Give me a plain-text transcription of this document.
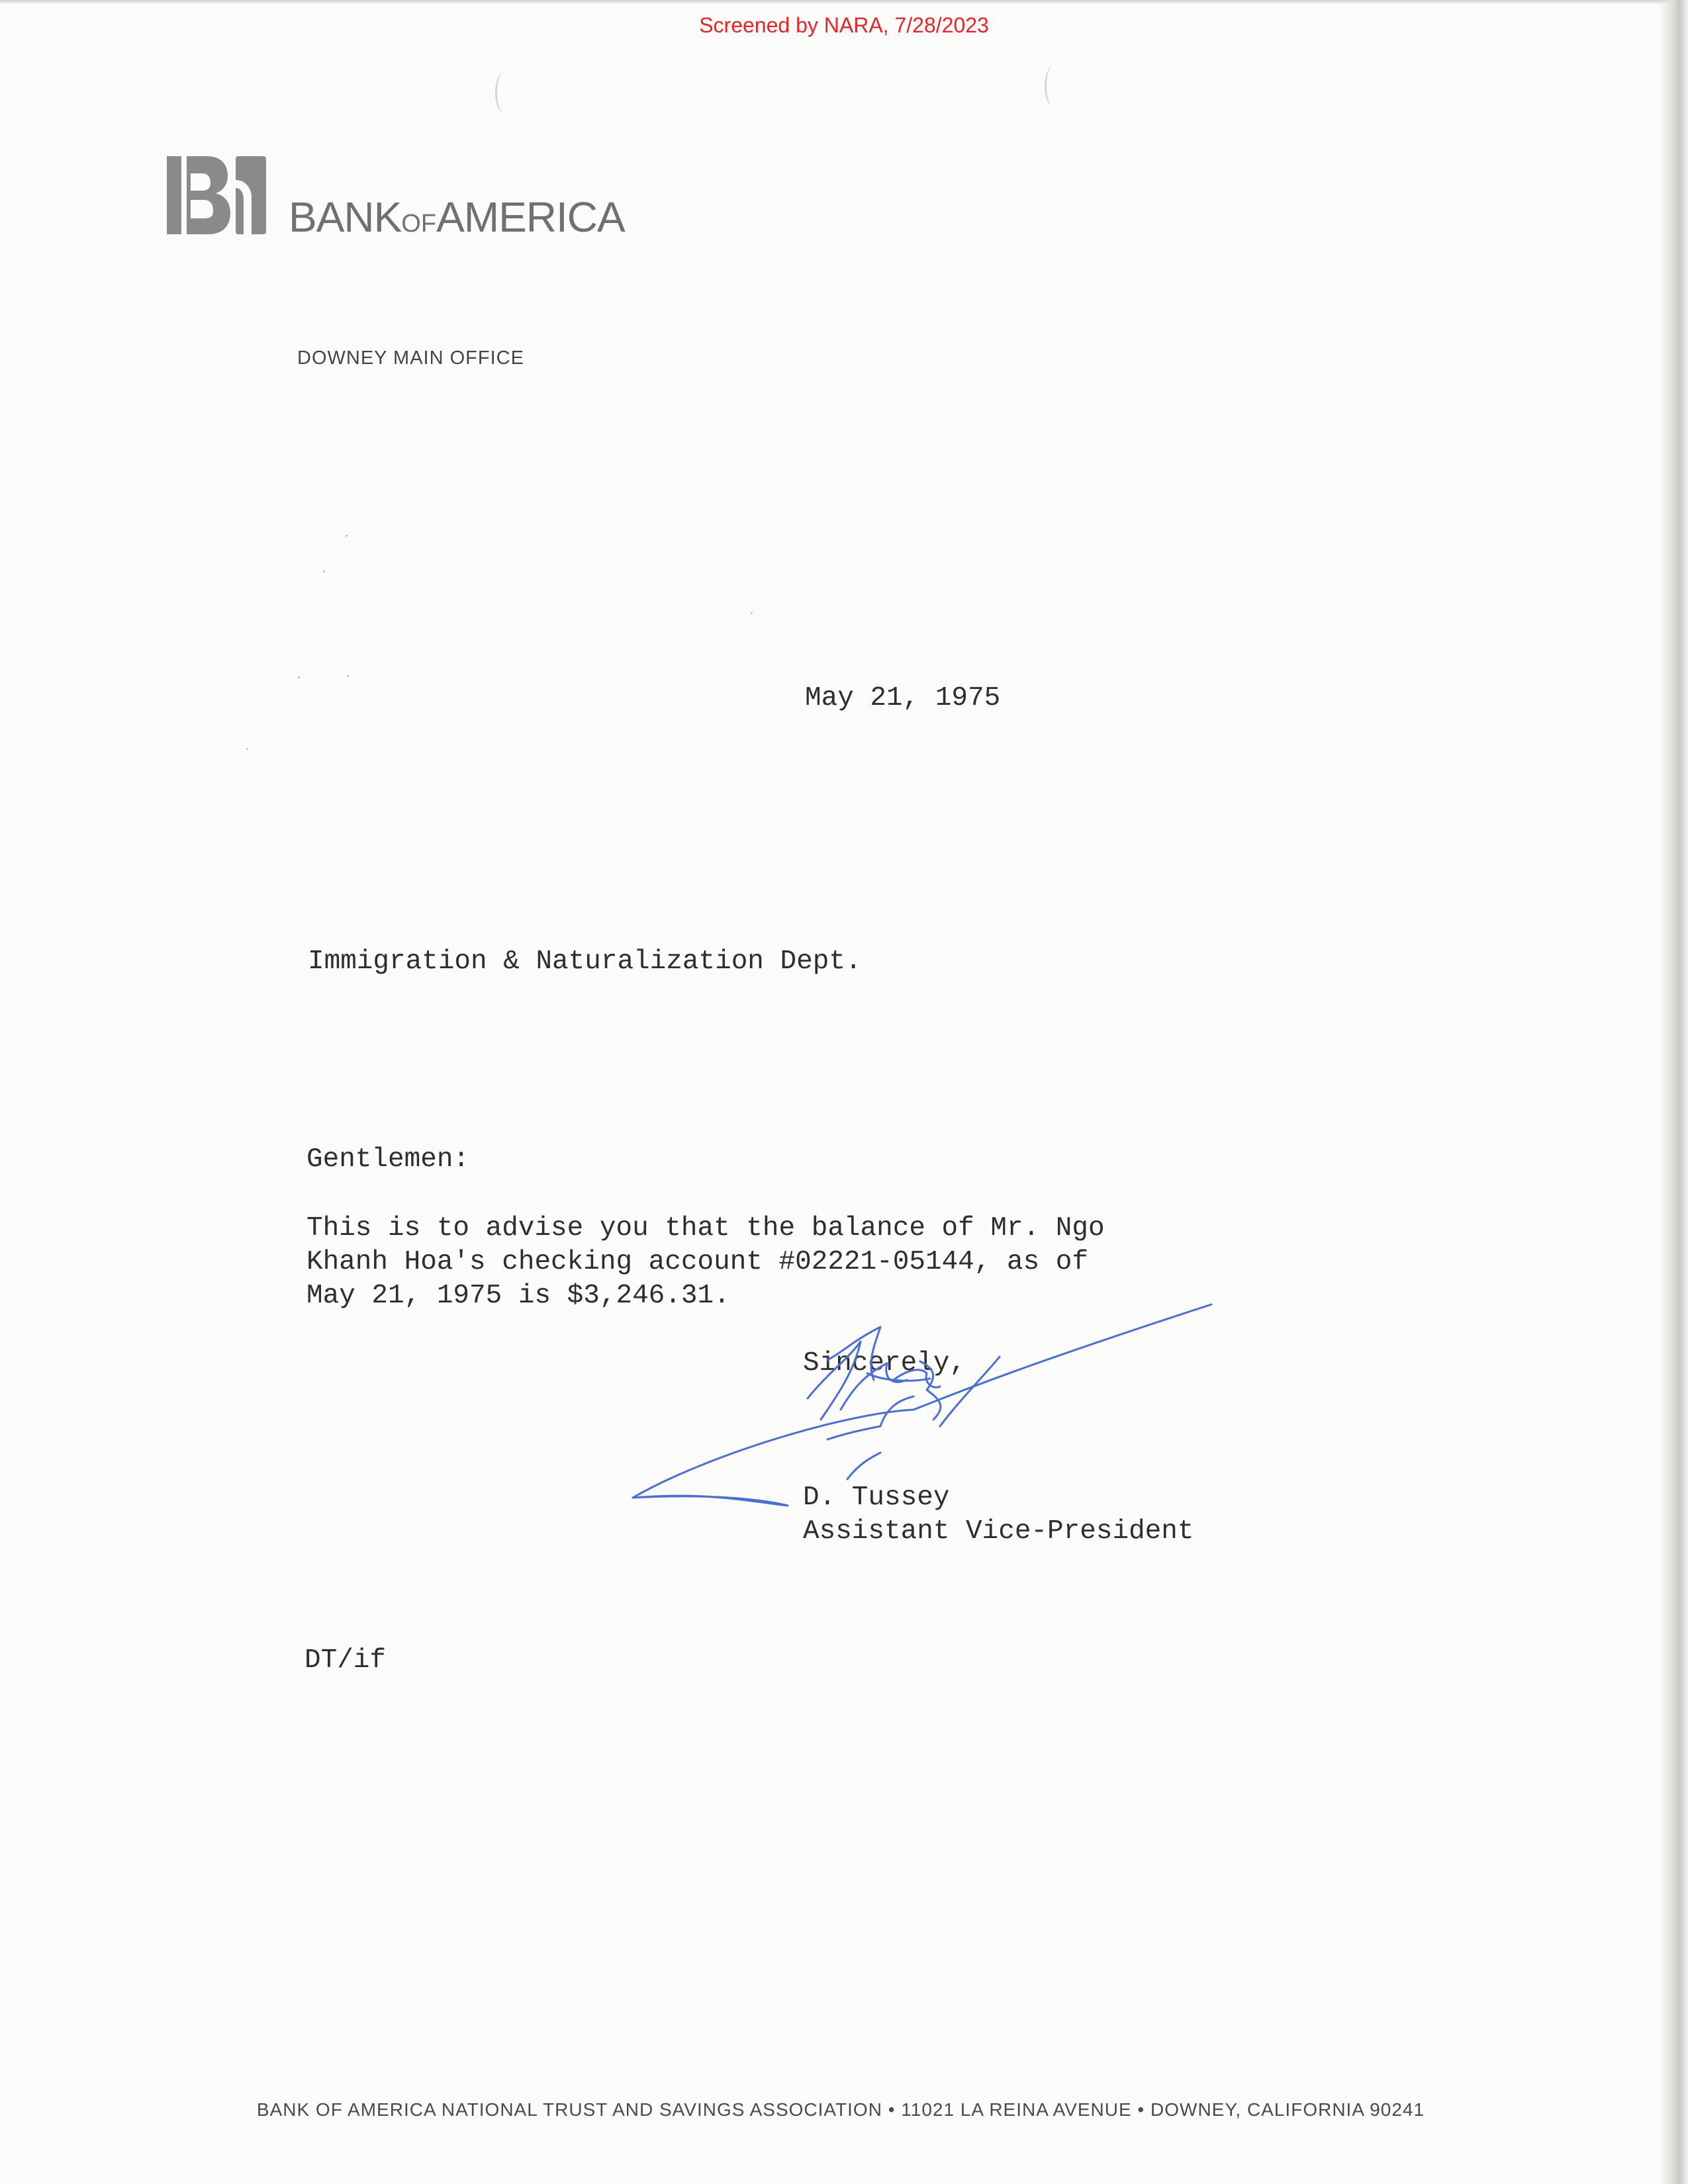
Screened by NARA, 7/28/2023
BANKOFAMERICA
DOWNEY MAIN OFFICE
May 21, 1975
Immigration & Naturalization Dept.
Gentlemen:
This is to advise you that the balance of Mr. Ngo
Khanh Hoa's checking account #02221-05144, as of
May 21, 1975 is $3,246.31.
Sincerely,
D. Tussey
Assistant Vice-President
DT/if
BANK OF AMERICA NATIONAL TRUST AND SAVINGS ASSOCIATION • 11021 LA REINA AVENUE • DOWNEY, CALIFORNIA 90241
